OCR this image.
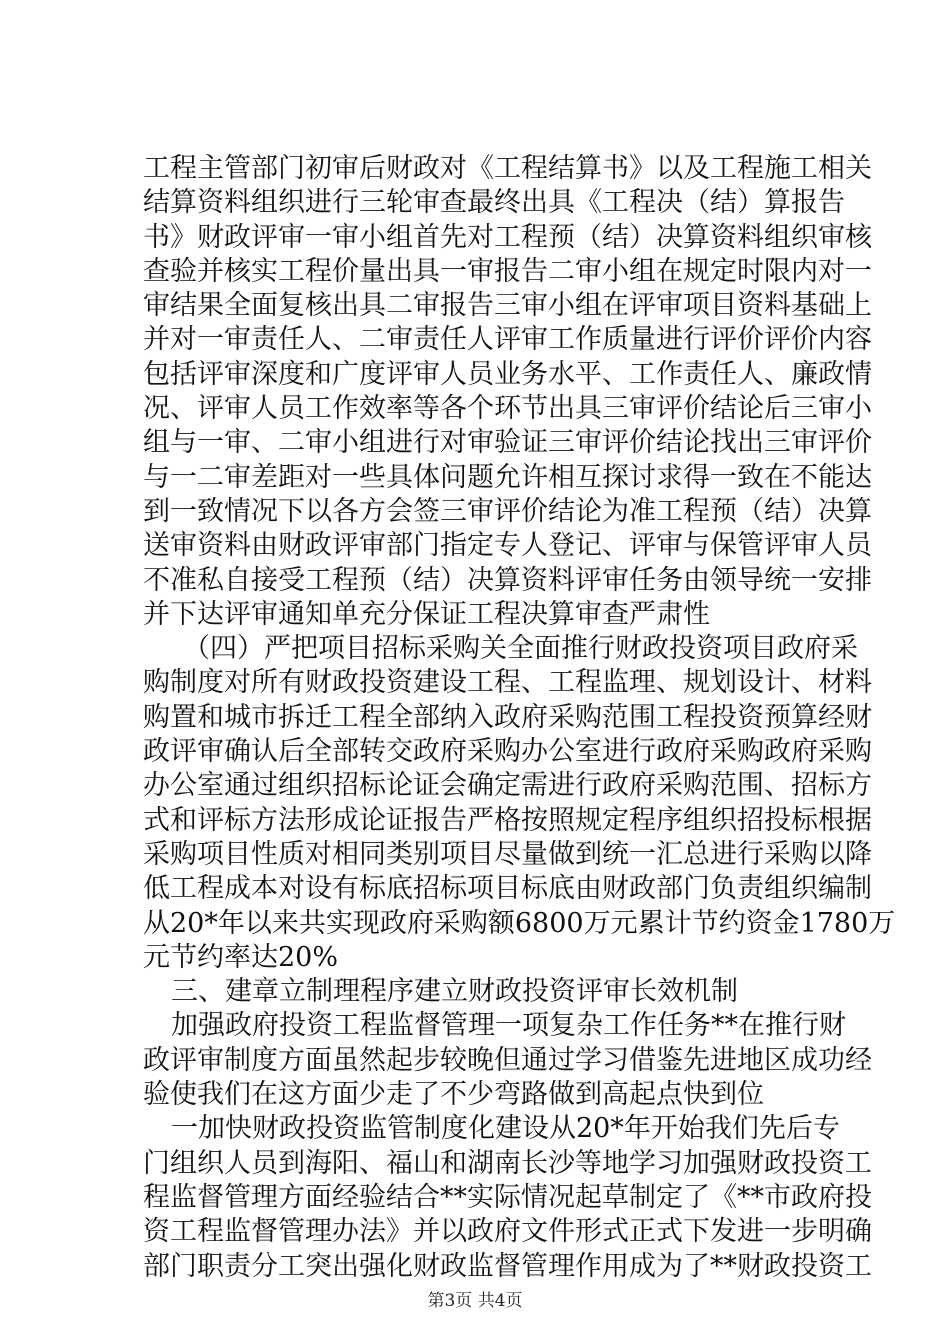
工程主管部门初审后财政对《工程结算书》以及工程施工相关
结算资料组织进行三轮审查最终出具《工程决（结）算报告
书》财政评审一审小组首先对工程预（结）决算资料组织审核
查验并核实工程价量出具一审报告二审小组在规定时限内对一
审结果全面复核出具二审报告三审小组在评审项目资料基础上
并对一审责任人、二审责任人评审工作质量进行评价评价内容
包括评审深度和广度评审人员业务水平、工作责任人、廉政情
况、评审人员工作效率等各个环节出具三审评价结论后三审小
组与一审、二审小组进行对审验证三审评价结论找出三审评价
与一二审差距对一些具体问题允许相互探讨求得一致在不能达
到一致情况下以各方会签三审评价结论为准工程预（结）决算
送审资料由财政评审部门指定专人登记、评审与保管评审人员
不准私自接受工程预（结）决算资料评审任务由领导统一安排
并下达评审通知单充分保证工程决算审查严肃性
（四）严把项目招标采购关全面推行财政投资项目政府采
购制度对所有财政投资建设工程、工程监理、规划设计、材料
购置和城市拆迁工程全部纳入政府采购范围工程投资预算经财
政评审确认后全部转交政府采购办公室进行政府采购政府采购
办公室通过组织招标论证会确定需进行政府采购范围、招标方
式和评标方法形成论证报告严格按照规定程序组织招投标根据
采购项目性质对相同类别项目尽量做到统一汇总进行采购以降
低工程成本对设有标底招标项目标底由财政部门负责组织编制
从20*年以来共实现政府采购额6800万元累计节约资金1780万
元节约率达20%
三、建章立制理程序建立财政投资评审长效机制
加强政府投资工程监督管理一项复杂工作任务**在推行财
政评审制度方面虽然起步较晚但通过学习借鉴先进地区成功经
验使我们在这方面少走了不少弯路做到高起点快到位
一加快财政投资监管制度化建设从20*年开始我们先后专
门组织人员到海阳、福山和湖南长沙等地学习加强财政投资工
程监督管理方面经验结合**实际情况起草制定了《**市政府投
资工程监督管理办法》并以政府文件形式正式下发进一步明确
部门职责分工突出强化财政监督管理作用成为了**财政投资工
第3页 共4页
